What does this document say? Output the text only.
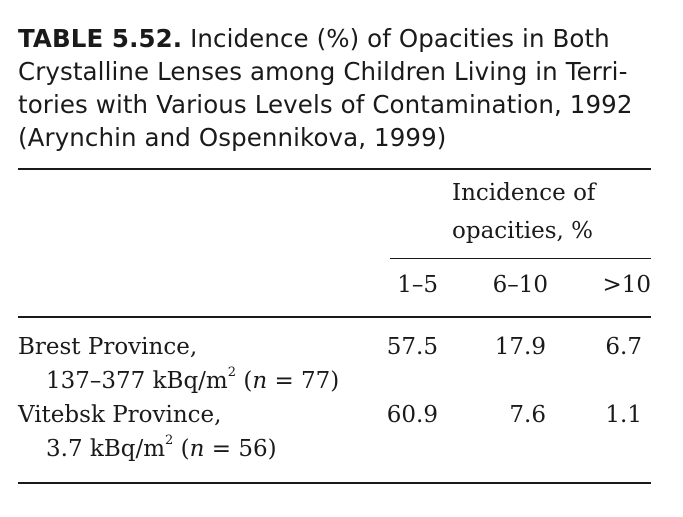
TABLE 5.52. Incidence (%) of Opacities in Both
Crystalline Lenses among Children Living in Terri-
tories with Various Levels of Contamination, 1992
(Arynchin and Ospennikova, 1999)
Incidence of
opacities, %
1–5	6–10	>10
Brest Province,
137–377 kBq/$m^2$ (n = 77)
57.5	17.9	6.7
Vitebsk Province,
3.7 kBq/$m^2$ (n = 56)
60.9	7.6	1.1
